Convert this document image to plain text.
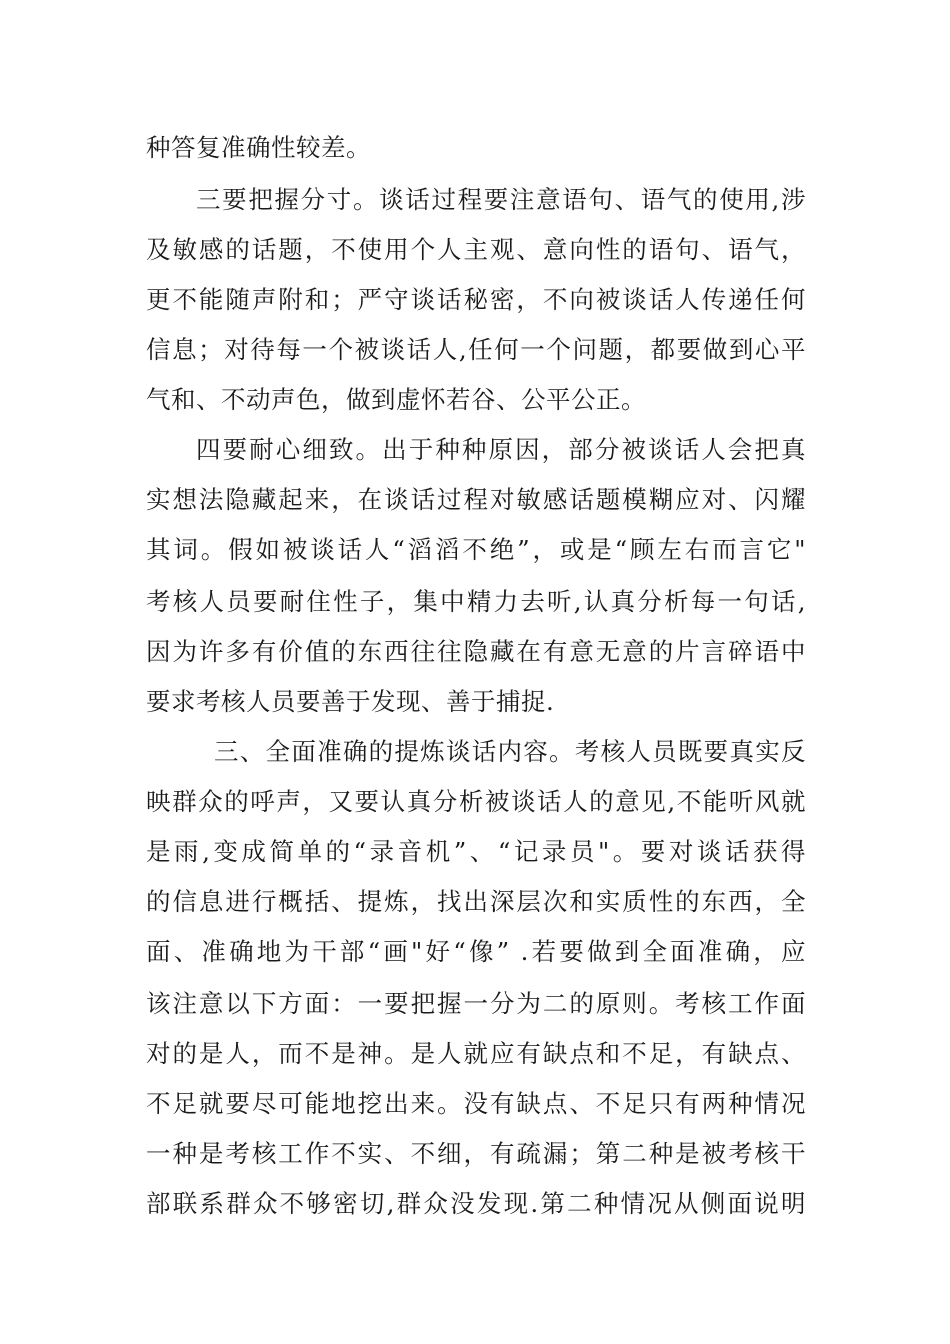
种答复准确性较差。
三要把握分寸。谈话过程要注意语句、语气的使用,涉
及敏感的话题，不使用个人主观、意向性的语句、语气，
更不能随声附和；严守谈话秘密，不向被谈话人传递任何
信息；对待每一个被谈话人,任何一个问题，都要做到心平
气和、不动声色，做到虚怀若谷、公平公正。
四要耐心细致。出于种种原因，部分被谈话人会把真
实想法隐藏起来，在谈话过程对敏感话题模糊应对、闪耀
其词。假如被谈话人“滔滔不绝”，或是“顾左右而言它"
考核人员要耐住性子，集中精力去听,认真分析每一句话,
因为许多有价值的东西往往隐藏在有意无意的片言碎语中
要求考核人员要善于发现、善于捕捉.
三、全面准确的提炼谈话内容。考核人员既要真实反
映群众的呼声，又要认真分析被谈话人的意见,不能听风就
是雨,变成简单的“录音机”、“记录员"。要对谈话获得
的信息进行概括、提炼，找出深层次和实质性的东西，全
面、准确地为干部“画"好“像” .若要做到全面准确，应
该注意以下方面：一要把握一分为二的原则。考核工作面
对的是人，而不是神。是人就应有缺点和不足，有缺点、
不足就要尽可能地挖出来。没有缺点、不足只有两种情况
一种是考核工作不实、不细，有疏漏；第二种是被考核干
部联系群众不够密切,群众没发现.第二种情况从侧面说明
